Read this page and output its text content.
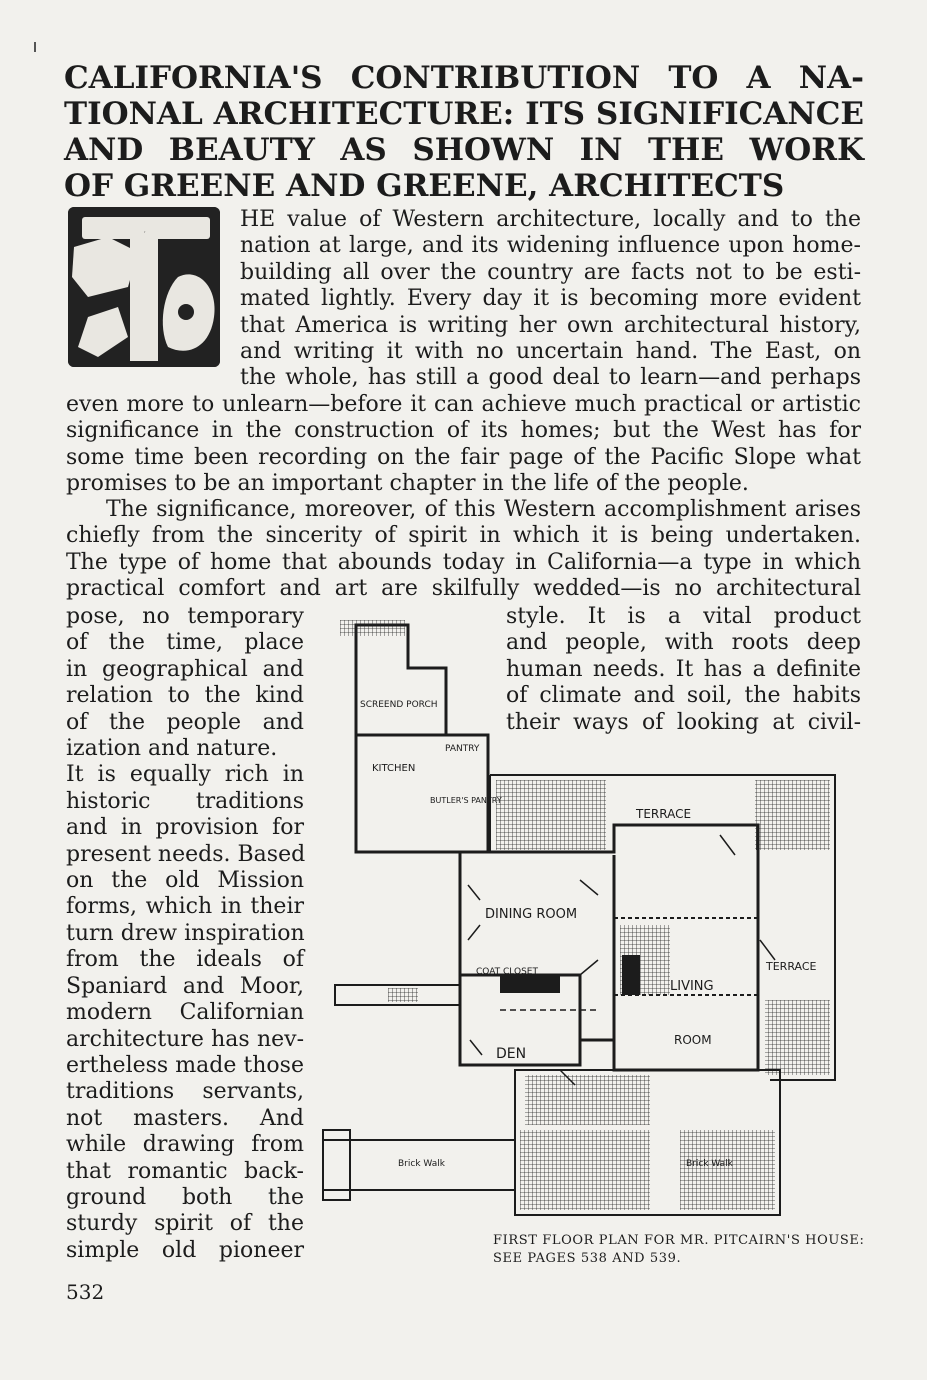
CALIFORNIA'S CONTRIBUTION TO A NA-
TIONAL ARCHITECTURE: ITS SIGNIFICANCE
AND BEAUTY AS SHOWN IN THE WORK
OF GREENE AND GREENE, ARCHITECTS
T

HE value of Western architecture, locally and to the
nation at large, and its widening influence upon home-
building all over the country are facts not to be esti-
mated lightly. Every day it is becoming more evident
that America is writing her own architectural history,
and writing it with no uncertain hand. The East, on
the whole, has still a good deal to learn—and perhaps

even more to unlearn—before it can achieve much practical or artistic
significance in the construction of its homes; but the West has for
some time been recording on the fair page of the Pacific Slope what
promises to be an important chapter in the life of the people.

The significance, moreover, of this Western accomplishment arises
chiefly from the sincerity of spirit in which it is being undertaken.
The type of home that abounds today in California—a type in which
practical comfort and art are skilfully wedded—is no architectural

pose, no temporary
of the time, place
in geographical and
relation to the kind
of the people and
ization and nature.
It is equally rich in
historic traditions
and in provision for
present needs. Based
on the old Mission
forms, which in their
turn drew inspiration
from the ideals of
Spaniard and Moor,
modern Californian
architecture has nev-
ertheless made those
traditions servants,
not masters. And
while drawing from
that romantic back-
ground both the
sturdy spirit of the
simple old pioneer

style. It is a vital product
and people, with roots deep
human needs. It has a definite
of climate and soil, the habits
their ways of looking at civil-

SCREEND PORCH
KITCHEN
PANTRY
BUTLER'S PANTRY
TERRACE
DINING ROOM
COAT CLOSET	TERRACE
LIVING
ROOM
DEN
Brick Walk	Brick Walk

FIRST FLOOR PLAN FOR MR. PITCAIRN'S HOUSE:
SEE PAGES 538 AND 539.

532
